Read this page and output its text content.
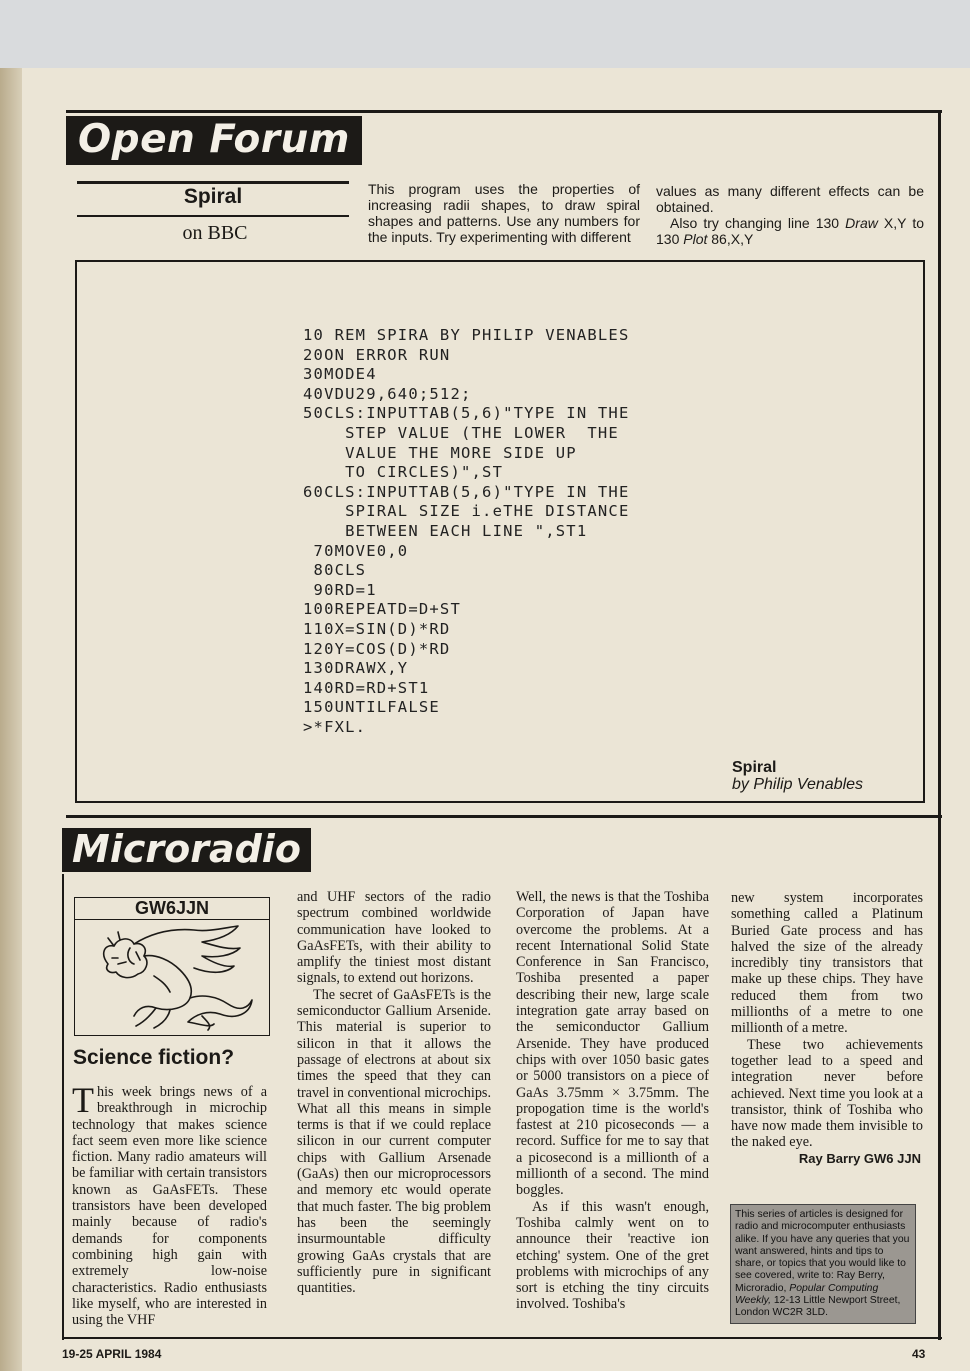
Open Forum
Spiral
on BBC

This program uses the properties of increasing radii shapes, to draw spiral shapes and patterns. Use any numbers for the inputs. Try experimenting with different

values as many different effects can be obtained.

Also try changing line 130 Draw X,Y to 130 Plot 86,X,Y

10 REM SPIRA BY PHILIP VENABLES
20ON ERROR RUN
30MODE4
40VDU29,640;512;
50CLS:INPUTTAB(5,6)"TYPE IN THE
STEP VALUE (THE LOWER  THE
VALUE THE MORE SIDE UP
TO CIRCLES)",ST
60CLS:INPUTTAB(5,6)"TYPE IN THE
SPIRAL SIZE i.eTHE DISTANCE
BETWEEN EACH LINE ",ST1
70MOVE0,0
80CLS
90RD=1
100REPEATD=D+ST
110X=SIN(D)*RD
120Y=COS(D)*RD
130DRAWX,Y
140RD=RD+ST1
150UNTILFALSE
>*FXL.
Spiral
by Philip Venables
Microradio
GW6JJN
Science fiction?

This week brings news of a breakthrough in microchip technology that makes science fact seem even more like science fiction. Many radio amateurs will be familiar with certain transistors known as GaAsFETs. These transistors have been developed mainly because of radio's demands for components combining high gain with extremely low-noise characteristics. Radio enthusiasts like myself, who are interested in using the VHF

and UHF sectors of the radio spectrum combined worldwide communication have looked to GaAsFETs, with their ability to amplify the tiniest most distant signals, to extend out horizons.

The secret of GaAsFETs is the semiconductor Gallium Arsenide. This material is superior to silicon in that it allows the passage of electrons at about six times the speed that they can travel in conventional microchips. What all this means in simple terms is that if we could replace silicon in our current computer chips with Gallium Arsenade (GaAs) then our microprocessors and memory etc would operate that much faster. The big problem has been the seemingly insurmountable difficulty growing GaAs crystals that are sufficiently pure in significant quantities.

Well, the news is that the Toshiba Corporation of Japan have overcome the problems. At a recent International Solid State Conference in San Francisco, Toshiba presented a paper describing their new, large scale integration gate array based on the semiconductor Gallium Arsenide. They have produced chips with over 1050 basic gates or 5000 transistors on a piece of GaAs 3.75mm × 3.75mm. The propogation time is the world's fastest at 210 picoseconds — a record. Suffice for me to say that a picosecond is a millionth of a millionth of a second. The mind boggles.

As if this wasn't enough, Toshiba calmly went on to announce their 'reactive ion etching' system. One of the gret problems with microchips of any sort is etching the tiny circuits involved. Toshiba's

new system incorporates something called a Platinum Buried Gate process and has halved the size of the already incredibly tiny transistors that make up these chips. They have reduced them from two millionths of a metre to one millionth of a metre.

These two achievements together lead to a speed and integration never before achieved. Next time you look at a transistor, think of Toshiba who have now made them invisible to the naked eye.

Ray Barry GW6 JJN
This series of articles is designed for radio and microcomputer enthusiasts alike. If you have any queries that you want answered, hints and tips to share, or topics that you would like to see covered, write to: Ray Berry, Microradio, Popular Computing Weekly, 12-13 Little Newport Street, London WC2R 3LD.
19-25 APRIL 1984	43
